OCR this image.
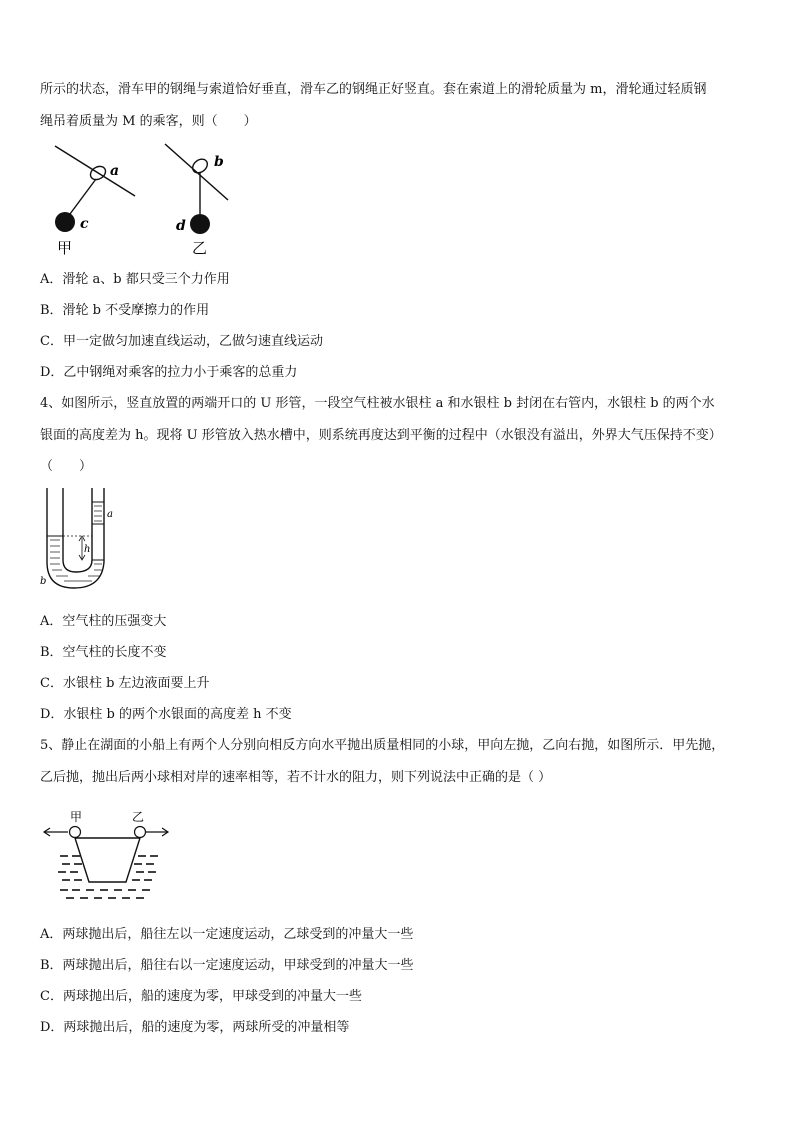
所示的状态，滑车甲的钢绳与索道恰好垂直，滑车乙的钢绳正好竖直。套在索道上的滑轮质量为 m，滑轮通过轻质钢
绳吊着质量为 M 的乘客，则（　　）
a
c
甲
b
d
乙
A．滑轮 a、b 都只受三个力作用
B．滑轮 b 不受摩擦力的作用
C．甲一定做匀加速直线运动，乙做匀速直线运动
D．乙中钢绳对乘客的拉力小于乘客的总重力
4、如图所示，竖直放置的两端开口的 U 形管，一段空气柱被水银柱 a 和水银柱 b 封闭在右管内，水银柱 b 的两个水
银面的高度差为 h。现将 U 形管放入热水槽中，则系统再度达到平衡的过程中（水银没有溢出，外界大气压保持不变）
（　　）
h
a
b
A．空气柱的压强变大
B．空气柱的长度不变
C．水银柱 b 左边液面要上升
D．水银柱 b 的两个水银面的高度差 h 不变
5、静止在湖面的小船上有两个人分别向相反方向水平抛出质量相同的小球，甲向左抛，乙向右抛，如图所示．甲先抛，
乙后抛，抛出后两小球相对岸的速率相等，若不计水的阻力，则下列说法中正确的是（ ）
甲	乙
A．两球抛出后，船往左以一定速度运动，乙球受到的冲量大一些
B．两球抛出后，船往右以一定速度运动，甲球受到的冲量大一些
C．两球抛出后，船的速度为零，甲球受到的冲量大一些
D．两球抛出后，船的速度为零，两球所受的冲量相等
